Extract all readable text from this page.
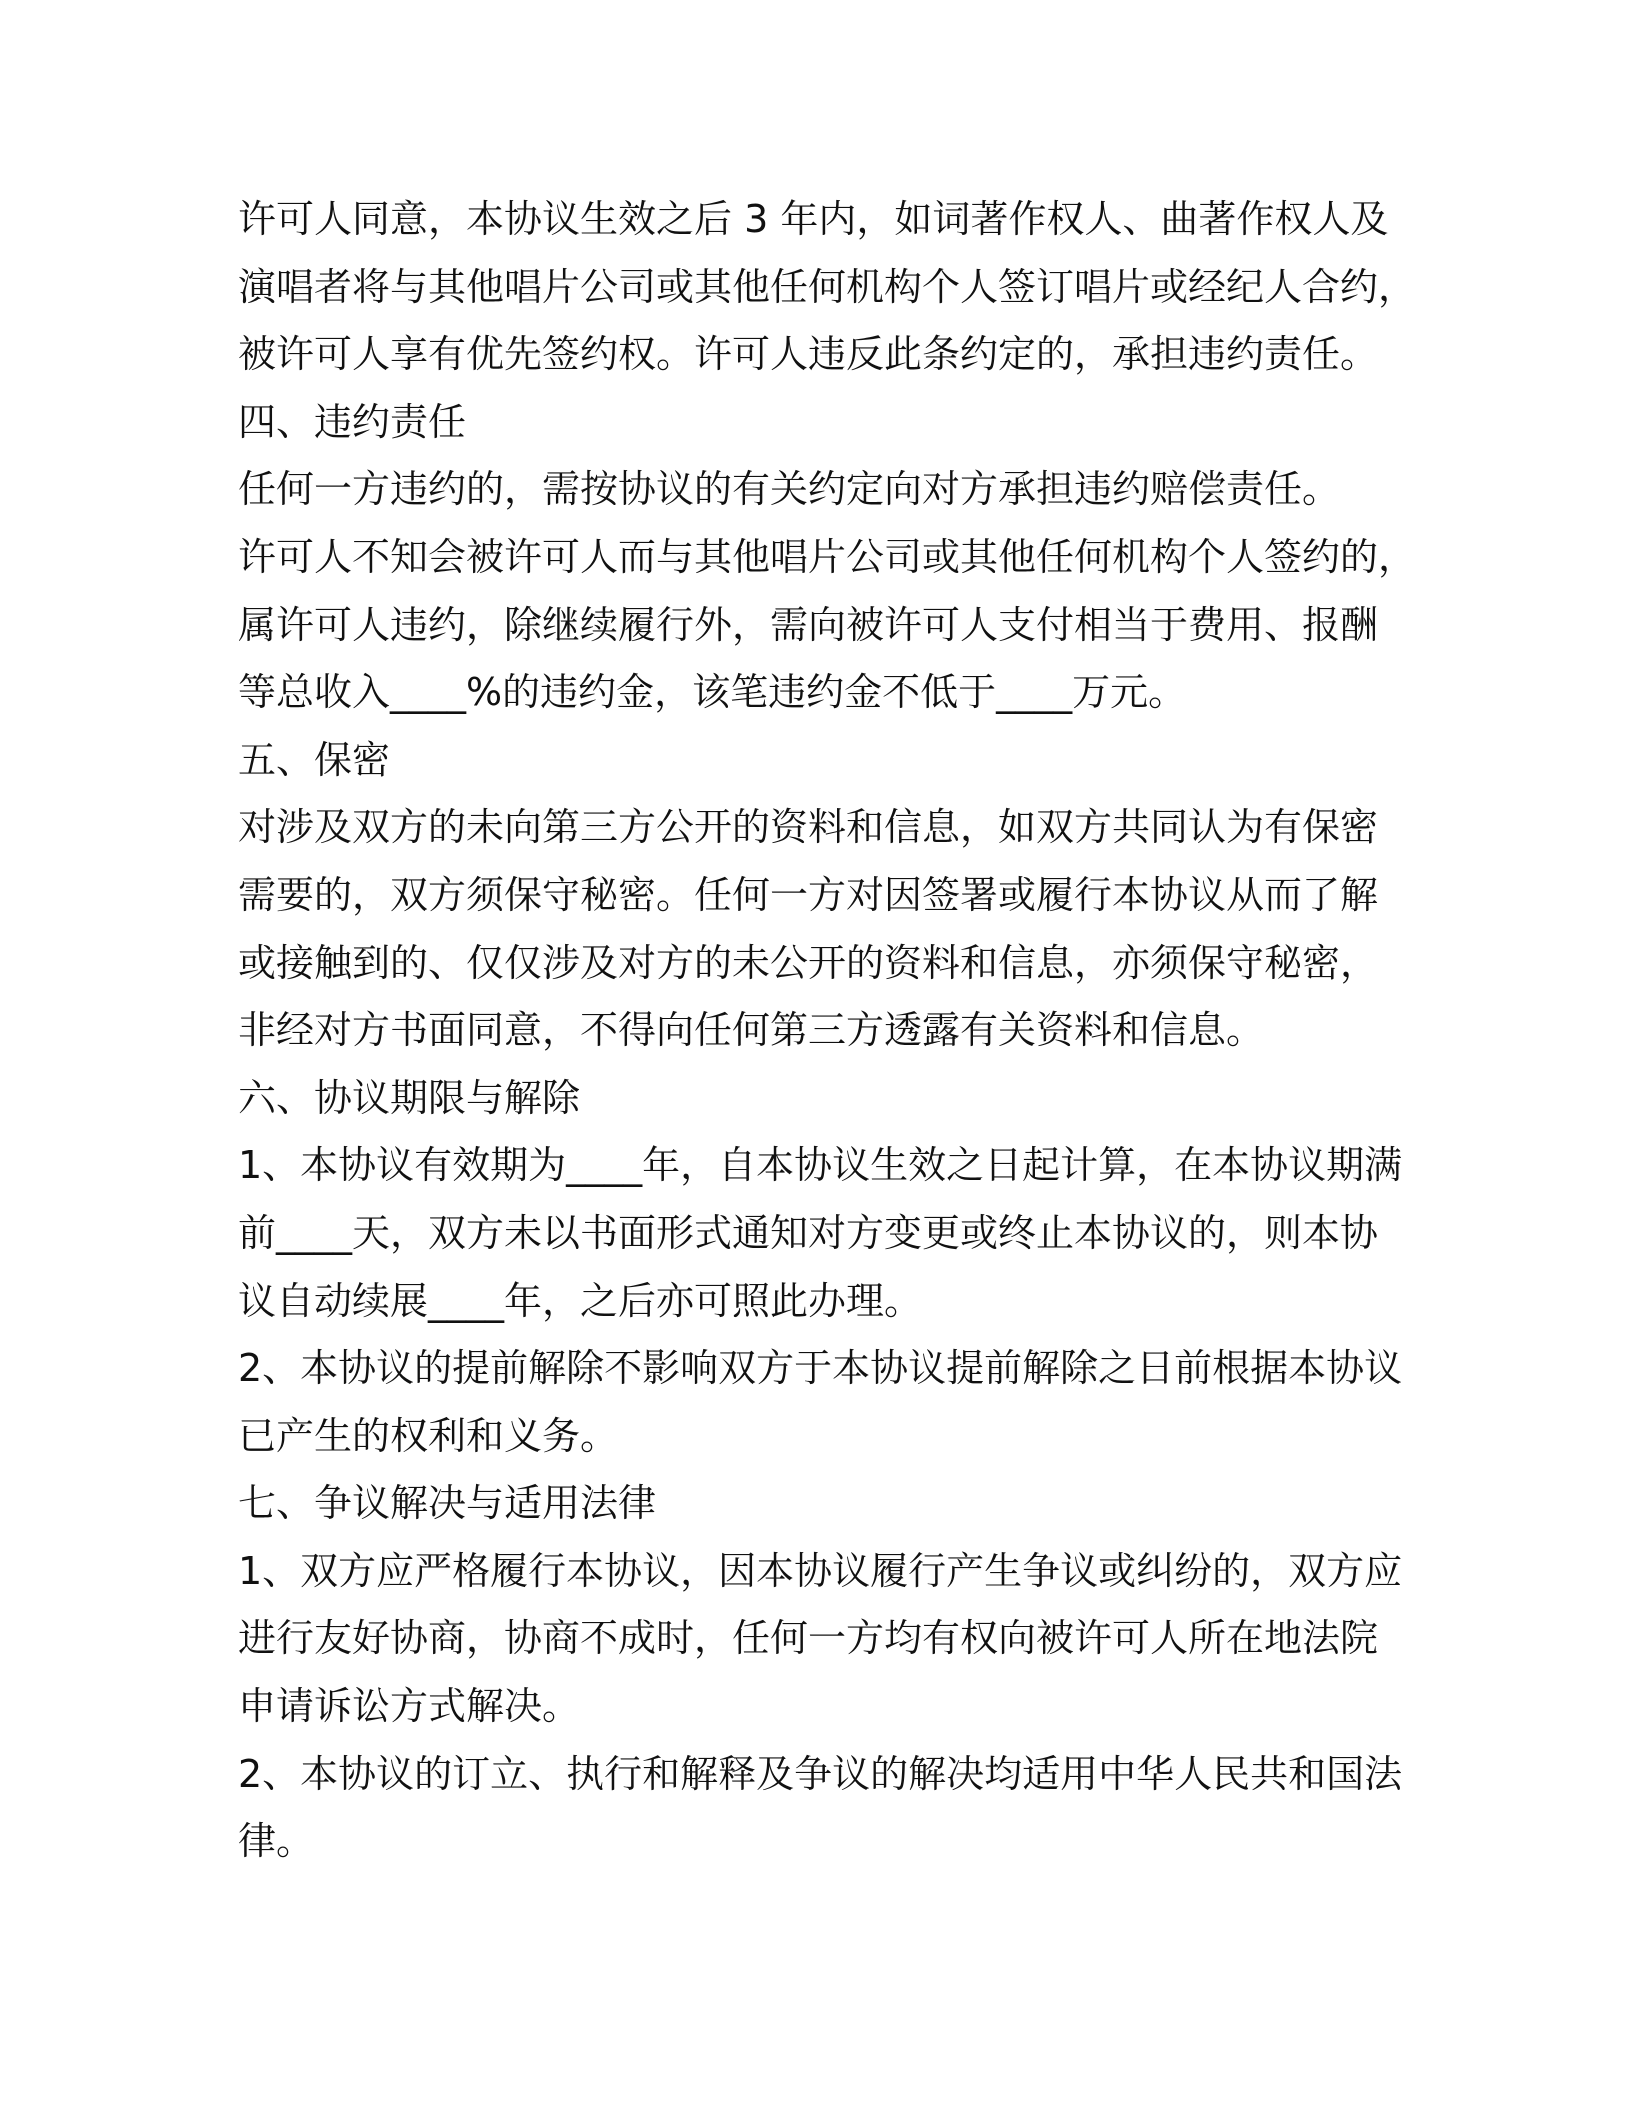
许可人同意，本协议生效之后 3 年内，如词著作权人、曲著作权人及
演唱者将与其他唱片公司或其他任何机构个人签订唱片或经纪人合约，
被许可人享有优先签约权。许可人违反此条约定的，承担违约责任。
四、违约责任
任何一方违约的，需按协议的有关约定向对方承担违约赔偿责任。
许可人不知会被许可人而与其他唱片公司或其他任何机构个人签约的，
属许可人违约，除继续履行外，需向被许可人支付相当于费用、报酬
等总收入____%的违约金，该笔违约金不低于____万元。
五、保密
对涉及双方的未向第三方公开的资料和信息，如双方共同认为有保密
需要的，双方须保守秘密。任何一方对因签署或履行本协议从而了解
或接触到的、仅仅涉及对方的未公开的资料和信息，亦须保守秘密，
非经对方书面同意，不得向任何第三方透露有关资料和信息。
六、协议期限与解除
1、本协议有效期为____年，自本协议生效之日起计算，在本协议期满
前____天，双方未以书面形式通知对方变更或终止本协议的，则本协
议自动续展____年，之后亦可照此办理。
2、本协议的提前解除不影响双方于本协议提前解除之日前根据本协议
已产生的权利和义务。
七、争议解决与适用法律
1、双方应严格履行本协议，因本协议履行产生争议或纠纷的，双方应
进行友好协商，协商不成时，任何一方均有权向被许可人所在地法院
申请诉讼方式解决。
2、本协议的订立、执行和解释及争议的解决均适用中华人民共和国法
律。
